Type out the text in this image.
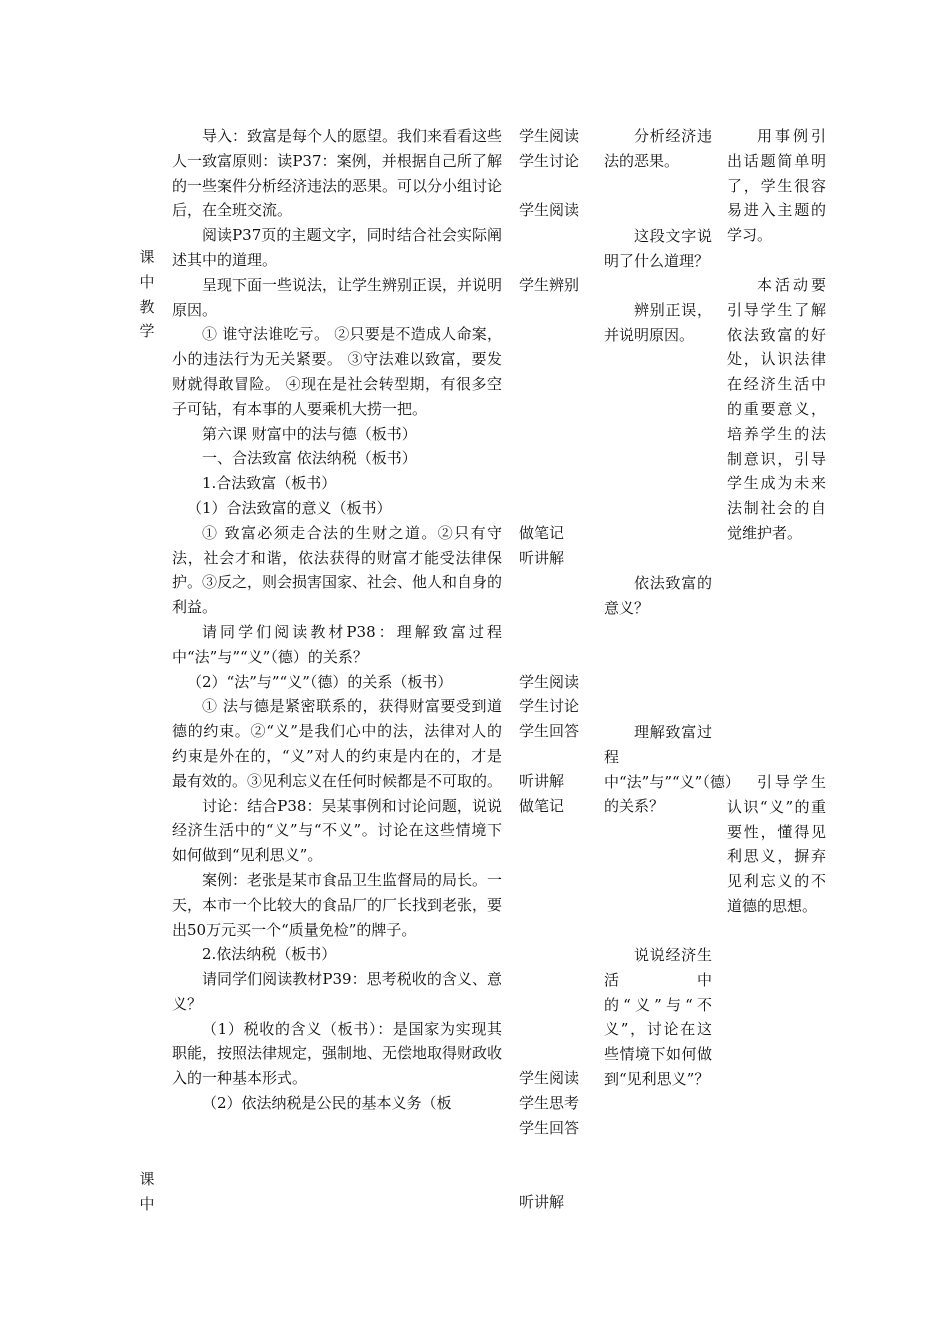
课
中
教
学
课
中

导入：致富是每个人的愿望。我们来看看这些人一致富原则：读P37：案例，并根据自己所了解的一些案件分析经济违法的恶果。可以分小组讨论后，在全班交流。

阅读P37页的主题文字，同时结合社会实际阐述其中的道理。

呈现下面一些说法，让学生辨别正误，并说明原因。

① 谁守法谁吃亏。 ②只要是不造成人命案，小的违法行为无关紧要。 ③守法难以致富，要发财就得敢冒险。 ④现在是社会转型期，有很多空子可钻，有本事的人要乘机大捞一把。

第六课 财富中的法与德（板书）

一、合法致富 依法纳税（板书）

1.合法致富（板书）

（1）合法致富的意义（板书）

① 致富必须走合法的生财之道。②只有守法，社会才和谐，依法获得的财富才能受法律保护。③反之，则会损害国家、社会、他人和自身的利益。

请同学们阅读教材P38：理解致富过程中“法”与”“义”（德）的关系？

（2）“法”与”“义”（德）的关系（板书）

① 法与德是紧密联系的，获得财富要受到道德的约束。②“义”是我们心中的法，法律对人的约束是外在的，“义”对人的约束是内在的，才是最有效的。③见利忘义在任何时候都是不可取的。

讨论：结合P38：吴某事例和讨论问题，说说经济生活中的“义”与“不义”。讨论在这些情境下如何做到“见利思义”。

案例：老张是某市食品卫生监督局的局长。一天，本市一个比较大的食品厂的厂长找到老张，要出50万元买一个“质量免检”的牌子。

2.依法纳税（板书）

请同学们阅读教材P39：思考税收的含义、意义？

（1）税收的含义（板书）：是国家为实现其职能，按照法律规定，强制地、无偿地取得财政收入的一种基本形式。

（2）依法纳税是公民的基本义务（板

学生阅读
学生讨论

学生阅读

学生辨别

做笔记
听讲解

学生阅读
学生讨论
学生回答

听讲解
做笔记

学生阅读
学生思考
学生回答

听讲解

分析经济违法的恶果。

这段文字说明了什么道理？

辨别正误，并说明原因。

依法致富的意义？

理解致富过程中“法”与”“义”（德）的关系？

说说经济生活中的“义”与“不义”，讨论在这些情境下如何做到“见利思义”？

用事例引出话题简单明了，学生很容易进入主题的学习。

本活动要引导学生了解依法致富的好处，认识法律在经济生活中的重要意义，培养学生的法制意识，引导学生成为未来法制社会的自觉维护者。

引导学生认识“义”的重要性，懂得见利思义，摒弃见利忘义的不道德的思想。
